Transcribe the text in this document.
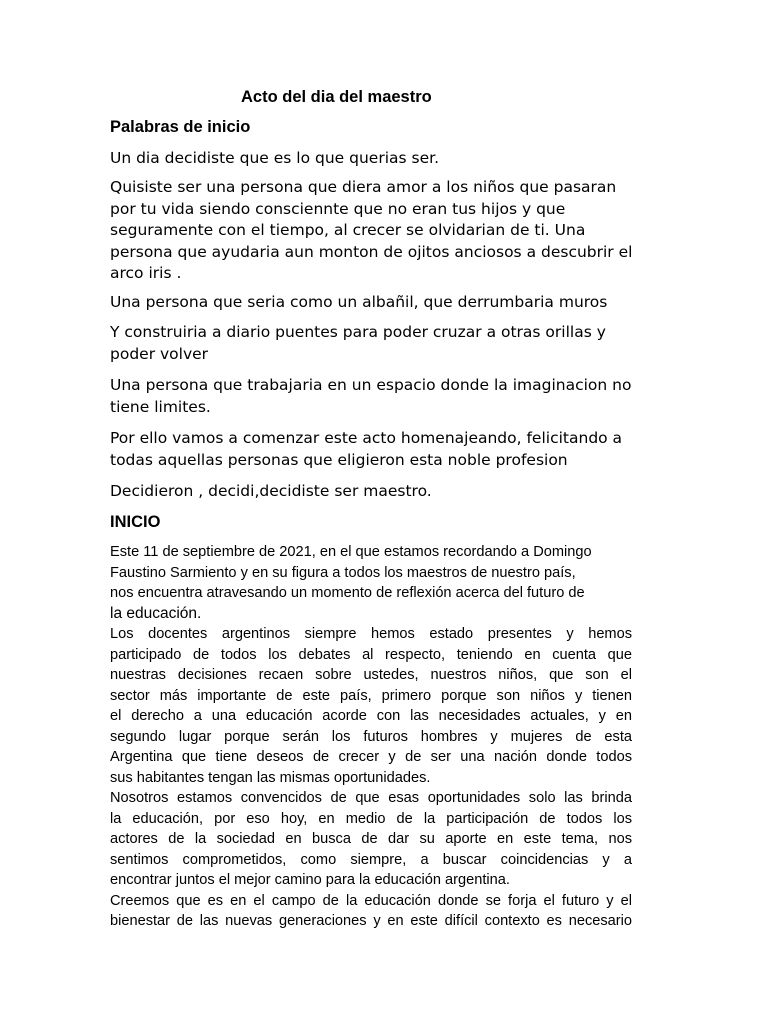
Acto del dia del maestro
Palabras de inicio
Un dia decidiste que es lo que querias ser.
Quisiste ser una persona que diera amor a los niños que pasaran
por tu vida siendo consciennte que no eran tus hijos y que
seguramente con el tiempo, al crecer se olvidarian de ti. Una
persona que ayudaria aun monton de ojitos anciosos a descubrir el
arco iris .
Una persona que seria como un albañil, que derrumbaria muros
Y construiria a diario puentes para poder cruzar a otras orillas y
poder volver
Una persona que trabajaria en un espacio donde la imaginacion no
tiene limites.
Por ello vamos a comenzar este acto homenajeando, felicitando a
todas aquellas personas que eligieron esta noble profesion
Decidieron , decidi,decidiste ser maestro.
INICIO
Este 11 de septiembre de 2021, en el que estamos recordando a Domingo
Faustino Sarmiento y en su figura a todos los maestros de nuestro país,
nos encuentra atravesando un momento de reflexión acerca del futuro de
la educación.
Los docentes argentinos siempre hemos estado presentes y hemos
participado de todos los debates al respecto, teniendo en cuenta que
nuestras decisiones recaen sobre ustedes, nuestros niños, que son el
sector más importante de este país, primero porque son niños y tienen
el derecho a una educación acorde con las necesidades actuales, y en
segundo lugar porque serán los futuros hombres y mujeres de esta
Argentina que tiene deseos de crecer y de ser una nación donde todos
sus habitantes tengan las mismas oportunidades.
Nosotros estamos convencidos de que esas oportunidades solo las brinda
la educación, por eso hoy, en medio de la participación de todos los
actores de la sociedad en busca de dar su aporte en este tema, nos
sentimos comprometidos, como siempre, a buscar coincidencias y a
encontrar juntos el mejor camino para la educación argentina.
Creemos que es en el campo de la educación donde se forja el futuro y el
bienestar de las nuevas generaciones y en este difícil contexto es necesario
